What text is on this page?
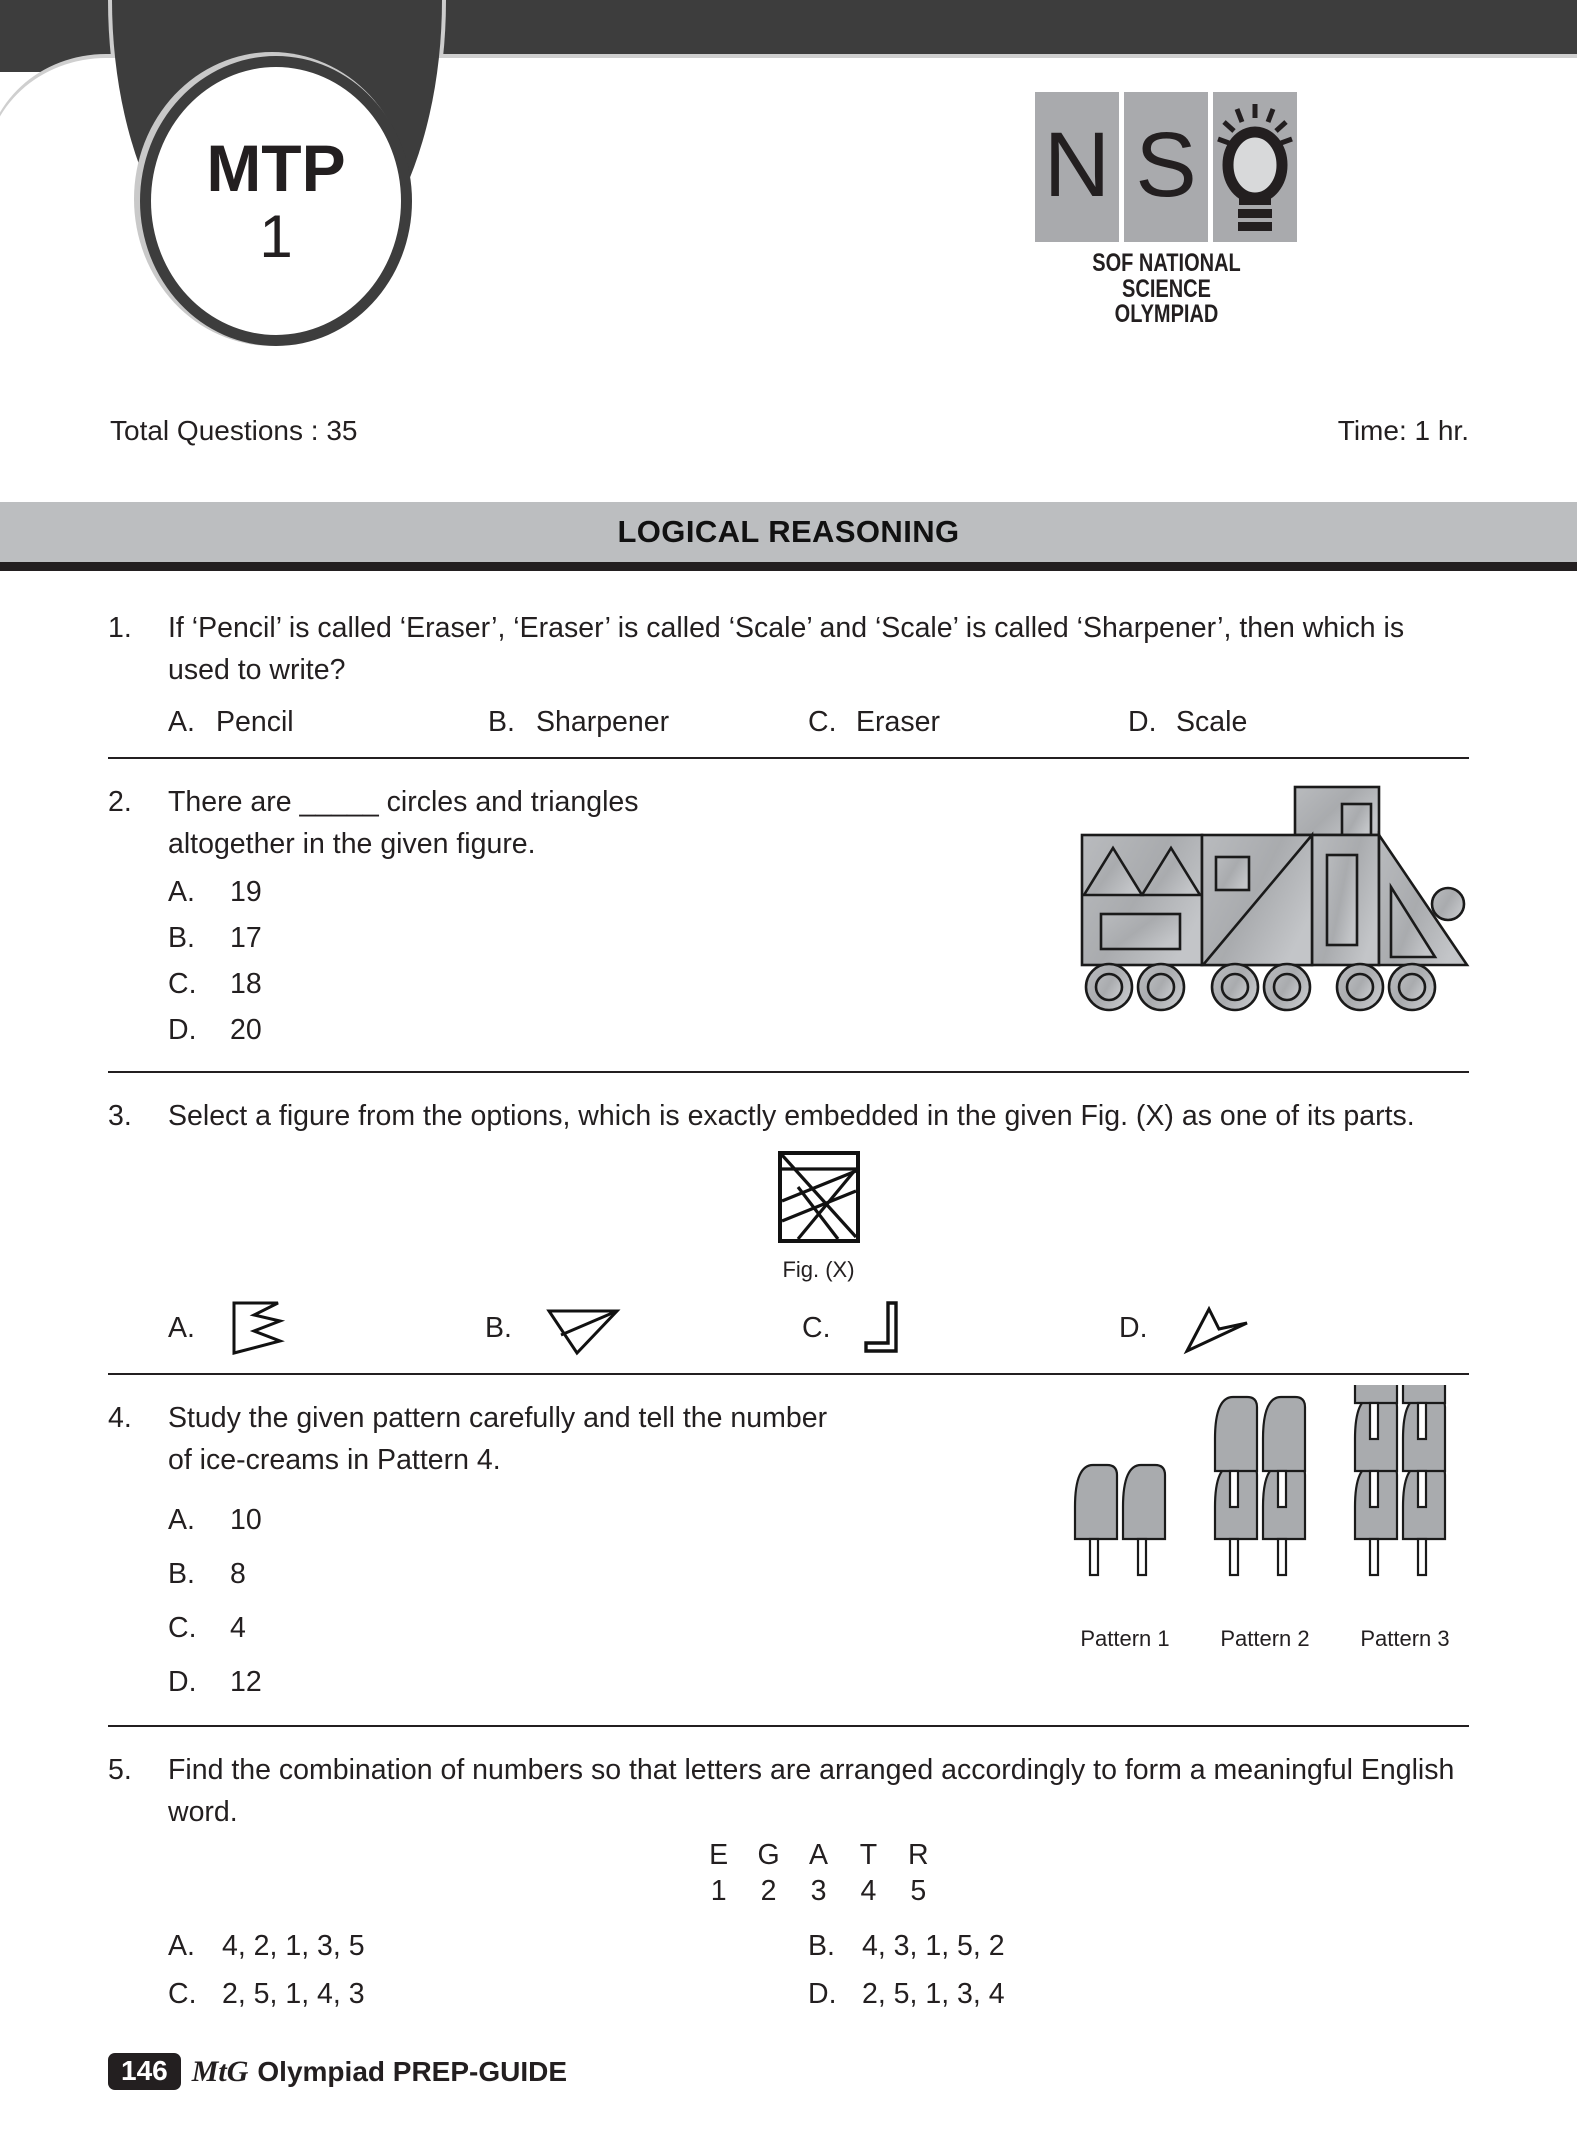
MTP
1
N S
SOF NATIONAL SCIENCE
OLYMPIAD
Total Questions : 35	Time: 1 hr.
LOGICAL REASONING
1.	If ‘Pencil’ is called ‘Eraser’, ‘Eraser’ is called ‘Scale’ and ‘Scale’ is called ‘Sharpener’, then which is used to write?
A. Pencil	B. Sharpener	C. Eraser	D. Scale
2.	There are _____ circles and triangles altogether in the given figure.
A.	19
B.	17
C.	18
D.	20
3.	Select a figure from the options, which is exactly embedded in the given Fig. (X) as one of its parts.
Fig. (X)
A.	B.	C.	D.
4.	Study the given pattern carefully and tell the number of ice-creams in Pattern 4.
A.	10
B.	8
C.	4
D.	12
Pattern 1	Pattern 2	Pattern 3
5.	Find the combination of numbers so that letters are arranged accordingly to form a meaningful English word.
E G A T R
1 2 3 4 5
A. 4, 2, 1, 3, 5	B. 4, 3, 1, 5, 2
C. 2, 5, 1, 4, 3	D. 2, 5, 1, 3, 4
146 MtG Olympiad PREP-GUIDE
